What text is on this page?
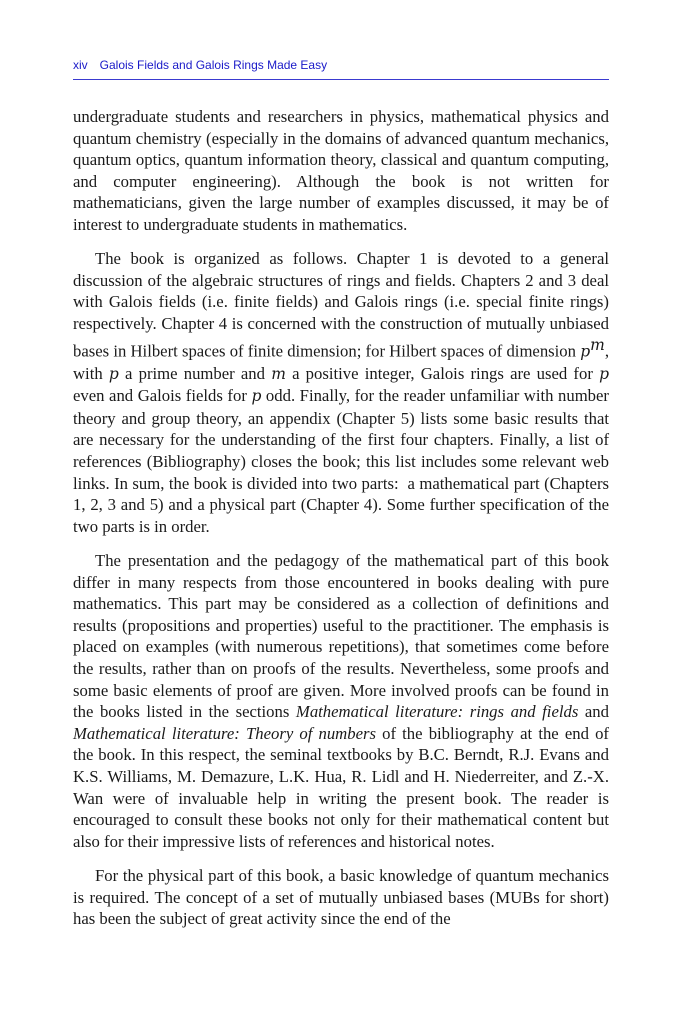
xiv Galois Fields and Galois Rings Made Easy

undergraduate students and researchers in physics, mathematical physics and quantum chemistry (especially in the domains of advanced quantum mechanics, quantum optics, quantum information theory, classical and quantum computing, and computer engineering). Although the book is not written for mathematicians, given the large number of examples discussed, it may be of interest to undergraduate students in mathematics.

The book is organized as follows. Chapter 1 is devoted to a general discussion of the algebraic structures of rings and fields. Chapters 2 and 3 deal with Galois fields (i.e. finite fields) and Galois rings (i.e. special finite rings) respectively. Chapter 4 is concerned with the construction of mutually unbiased bases in Hilbert spaces of finite dimension; for Hilbert spaces of dimension $p^m$, with p a prime number and m a positive integer, Galois rings are used for p even and Galois fields for p odd. Finally, for the reader unfamiliar with number theory and group theory, an appendix (Chapter 5) lists some basic results that are necessary for the understanding of the first four chapters. Finally, a list of references (Bibliography) closes the book; this list includes some relevant web links. In sum, the book is divided into two parts:  a mathematical part (Chapters 1, 2, 3 and 5) and a physical part (Chapter 4). Some further specification of the two parts is in order.

The presentation and the pedagogy of the mathematical part of this book differ in many respects from those encountered in books dealing with pure mathematics. This part may be considered as a collection of definitions and results (propositions and properties) useful to the practitioner. The emphasis is placed on examples (with numerous repetitions), that sometimes come before the results, rather than on proofs of the results. Nevertheless, some proofs and some basic elements of proof are given. More involved proofs can be found in the books listed in the sections Mathematical literature: rings and fields and Mathematical literature: Theory of numbers of the bibliography at the end of the book. In this respect, the seminal textbooks by B.C. Berndt, R.J. Evans and K.S. Williams, M. Demazure, L.K. Hua, R. Lidl and H. Niederreiter, and Z.-X. Wan were of invaluable help in writing the present book. The reader is encouraged to consult these books not only for their mathematical content but also for their impressive lists of references and historical notes.

For the physical part of this book, a basic knowledge of quantum mechanics is required. The concept of a set of mutually unbiased bases (MUBs for short) has been the subject of great activity since the end of the
